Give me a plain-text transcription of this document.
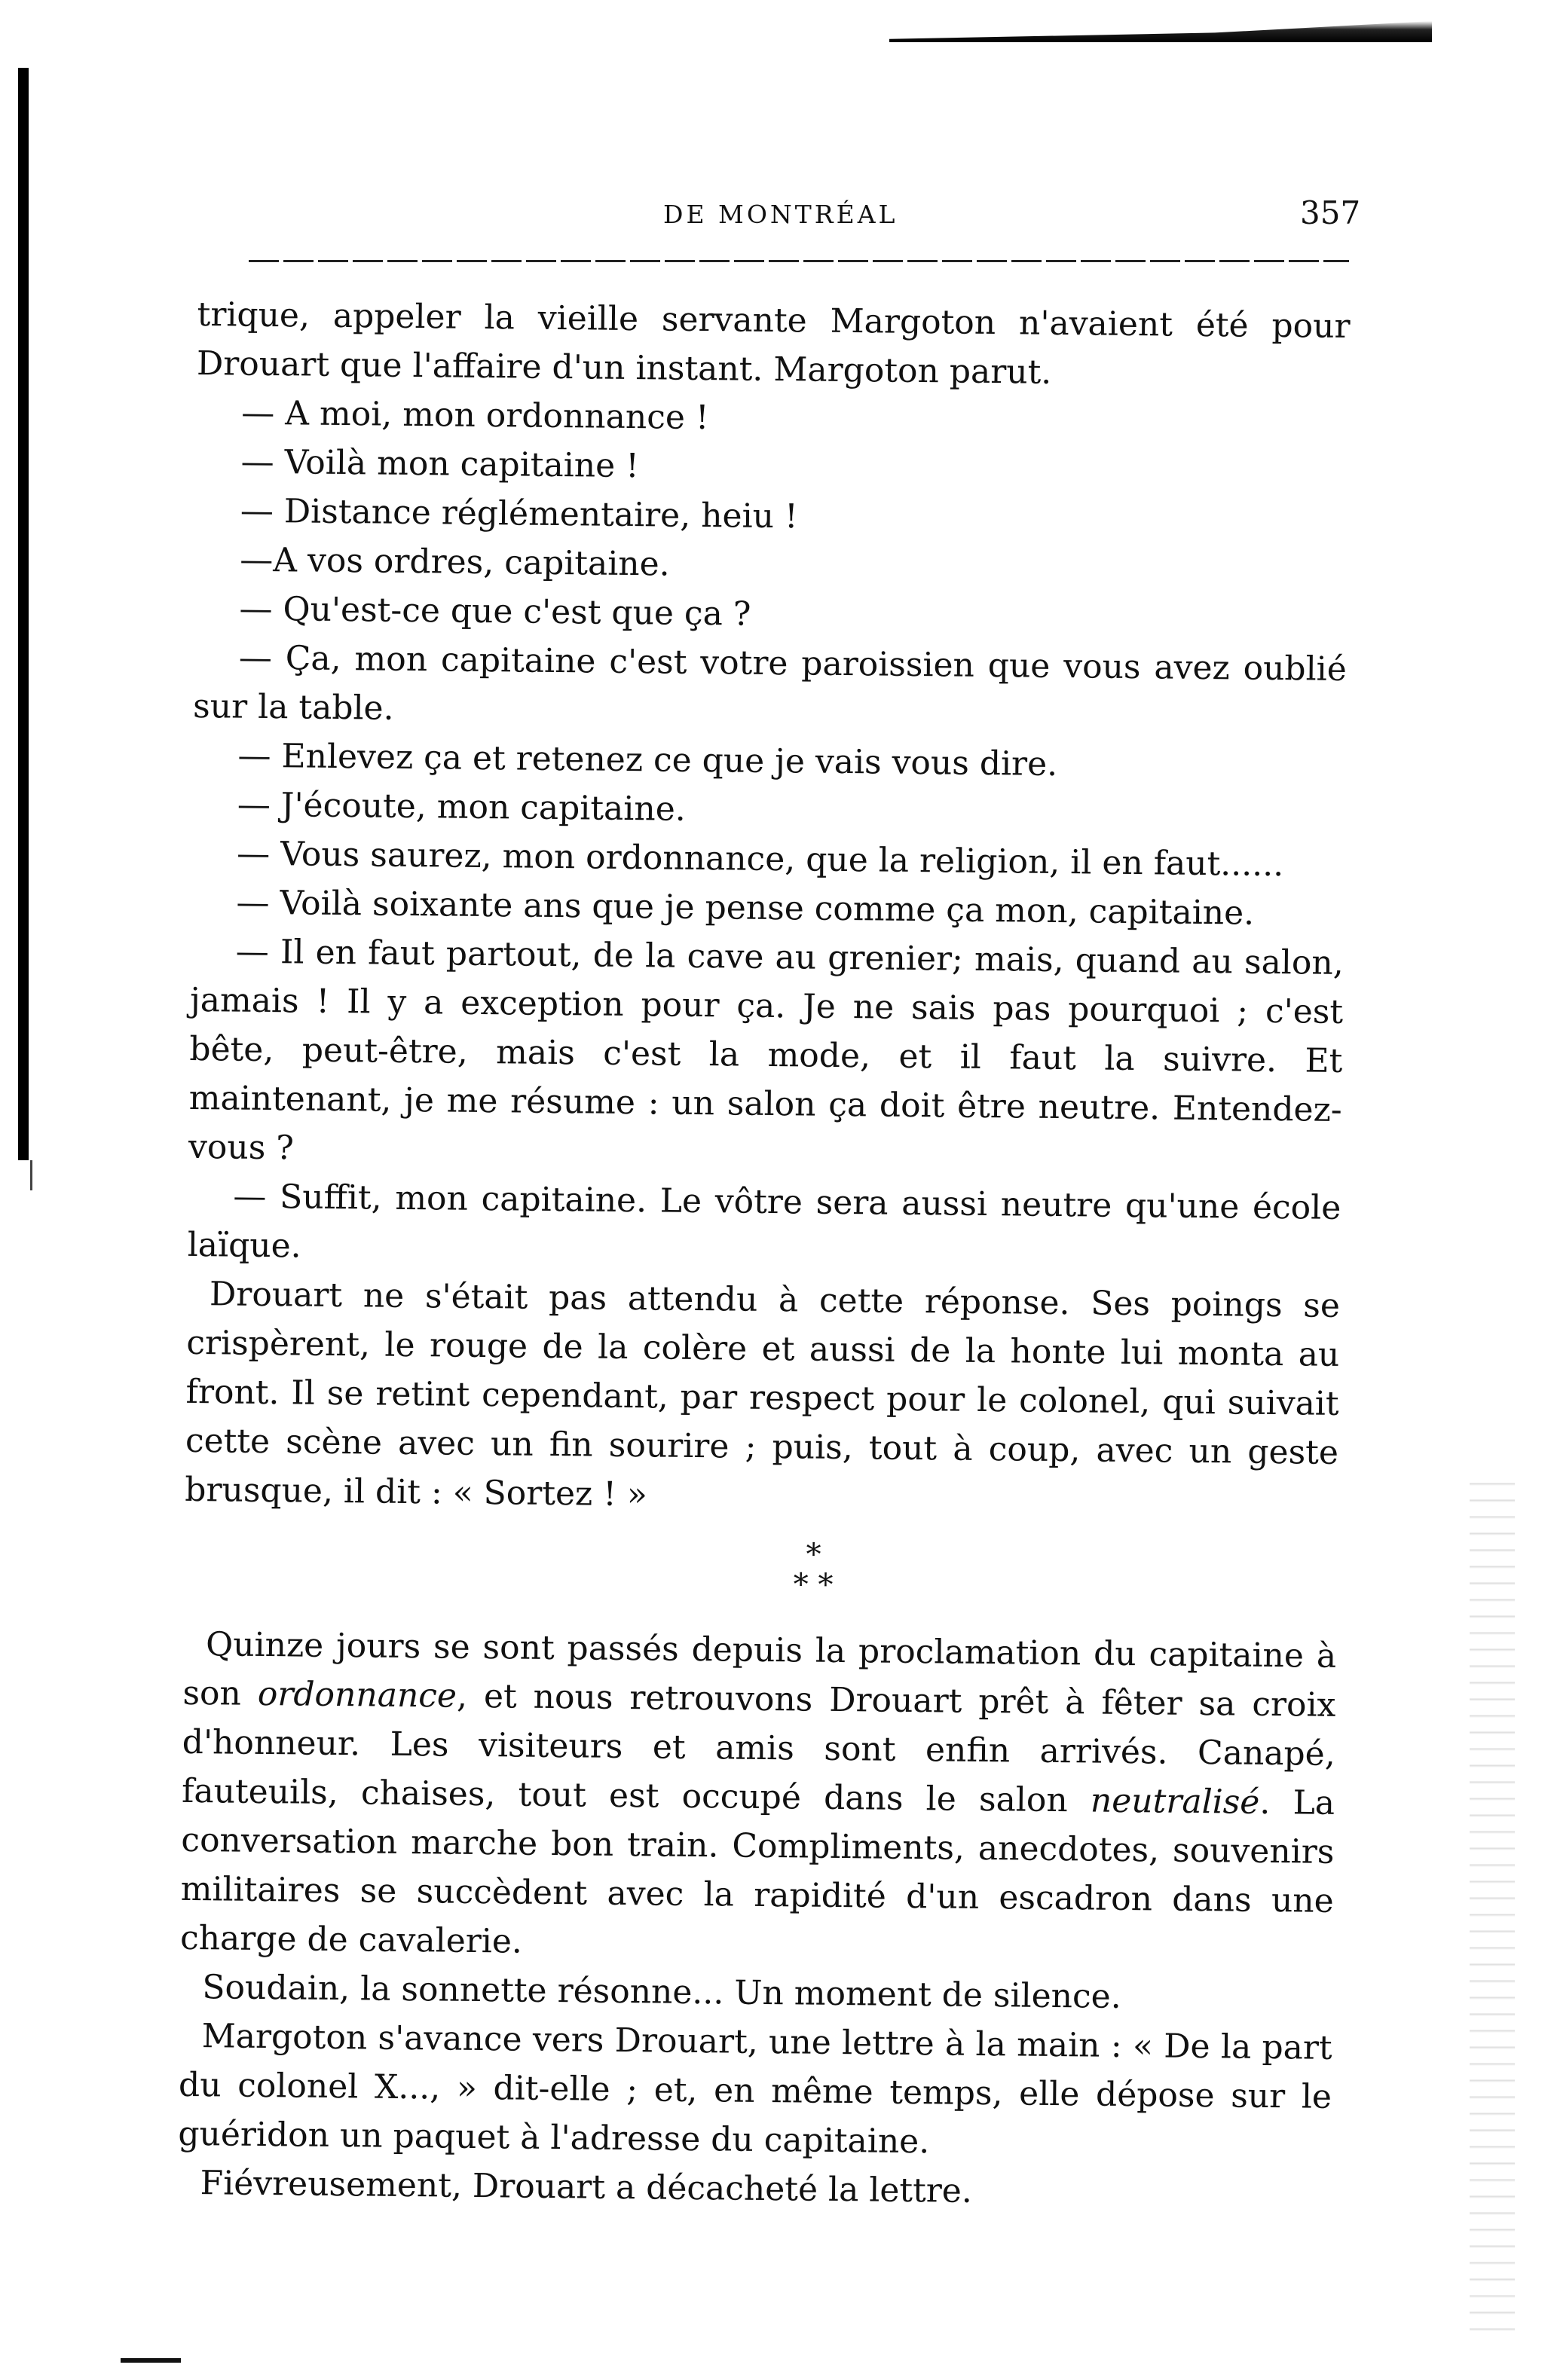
DE MONTRÉAL	357

trique, appeler la vieille servante Margoton n'avaient été pour Drouart que l'affaire d'un instant. Margoton parut.

— A moi, mon ordonnance !

— Voilà mon capitaine !

— Distance réglémentaire, heiu !

—A vos ordres, capitaine.

— Qu'est-ce que c'est que ça ?

— Ça, mon capitaine c'est votre paroissien que vous avez oublié sur la table.

— Enlevez ça et retenez ce que je vais vous dire.

— J'écoute, mon capitaine.

— Vous saurez, mon ordonnance, que la religion, il en faut......

— Voilà soixante ans que je pense comme ça mon, capitaine.

— Il en faut partout, de la cave au grenier; mais, quand au salon, jamais ! Il y a exception pour ça. Je ne sais pas pourquoi ; c'est bête, peut-être, mais c'est la mode, et il faut la suivre. Et maintenant, je me résume : un salon ça doit être neutre. Entendez-vous ?

— Suffit, mon capitaine. Le vôtre sera aussi neutre qu'une école laïque.

Drouart ne s'était pas attendu à cette réponse. Ses poings se crispèrent, le rouge de la colère et aussi de la honte lui monta au front. Il se retint cependant, par respect pour le colonel, qui suivait cette scène avec un fin sourire ; puis, tout à coup, avec un geste brusque, il dit : « Sortez ! »

*
* *

Quinze jours se sont passés depuis la proclamation du capitaine à son ordonnance, et nous retrouvons Drouart prêt à fêter sa croix d'honneur. Les visiteurs et amis sont enfin arrivés. Canapé, fauteuils, chaises, tout est occupé dans le salon neutralisé. La conversation marche bon train. Compliments, anecdotes, souvenirs militaires se succèdent avec la rapidité d'un escadron dans une charge de cavalerie.

Soudain, la sonnette résonne... Un moment de silence.

Margoton s'avance vers Drouart, une lettre à la main : « De la part du colonel X..., » dit-elle ; et, en même temps, elle dépose sur le guéridon un paquet à l'adresse du capitaine.

Fiévreusement, Drouart a décacheté la lettre.
